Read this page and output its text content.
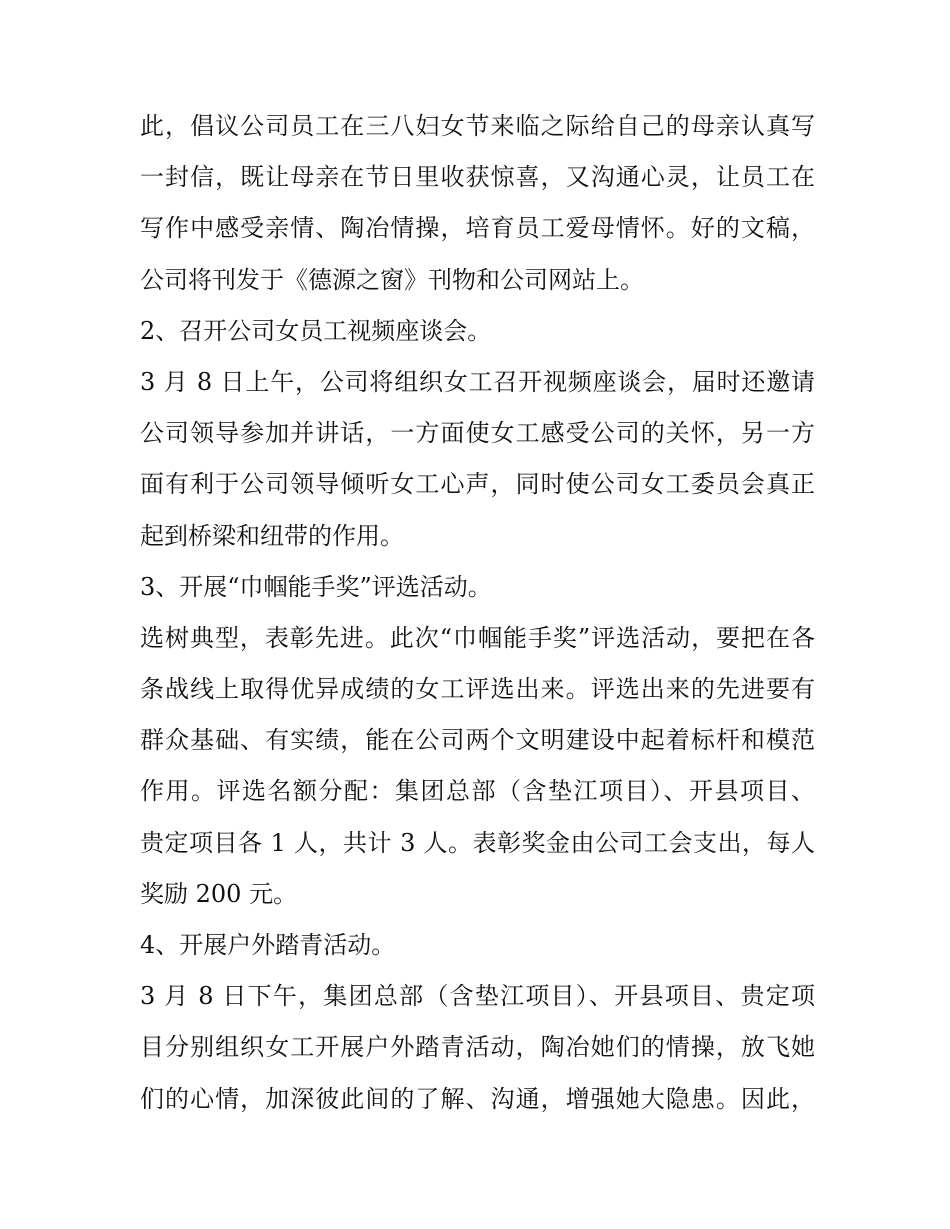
此，倡议公司员工在三八妇女节来临之际给自己的母亲认真写
一封信，既让母亲在节日里收获惊喜，又沟通心灵，让员工在
写作中感受亲情、陶冶情操，培育员工爱母情怀。好的文稿，
公司将刊发于《德源之窗》刊物和公司网站上。
2、召开公司女员工视频座谈会。
3 月 8 日上午，公司将组织女工召开视频座谈会，届时还邀请
公司领导参加并讲话，一方面使女工感受公司的关怀，另一方
面有利于公司领导倾听女工心声，同时使公司女工委员会真正
起到桥梁和纽带的作用。
3、开展“巾帼能手奖”评选活动。
选树典型，表彰先进。此次“巾帼能手奖”评选活动，要把在各
条战线上取得优异成绩的女工评选出来。评选出来的先进要有
群众基础、有实绩，能在公司两个文明建设中起着标杆和模范
作用。评选名额分配：集团总部（含垫江项目）、开县项目、
贵定项目各 1 人，共计 3 人。表彰奖金由公司工会支出，每人
奖励 200 元。
4、开展户外踏青活动。
3 月 8 日下午，集团总部（含垫江项目）、开县项目、贵定项
目分别组织女工开展户外踏青活动，陶冶她们的情操，放飞她
们的心情，加深彼此间的了解、沟通，增强她大隐患。因此，
